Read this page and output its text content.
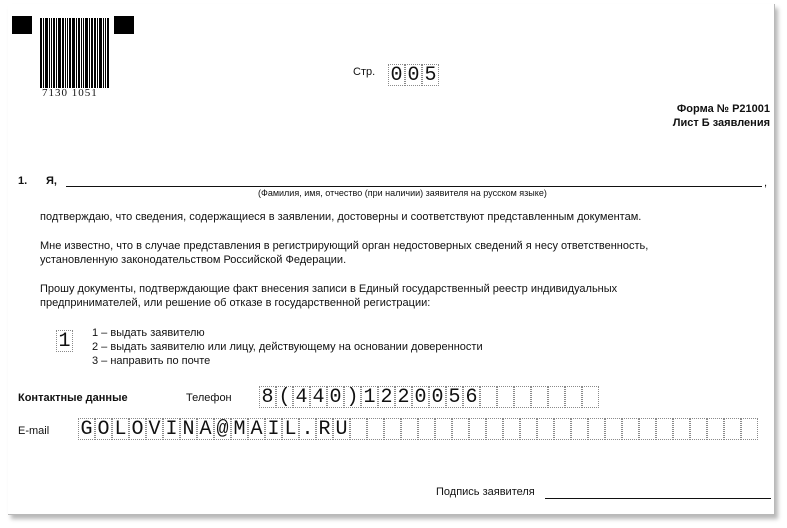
7130 1051
Стр. 0 0 5
Форма № Р21001
Лист Б заявления
1. Я,	,
(Фамилия, имя, отчество (при наличии) заявителя на русском языке)
подтверждаю, что сведения, содержащиеся в заявлении, достоверны и соответствуют представленным документам.
Мне известно, что в случае представления в регистрирующий орган недостоверных сведений я несу ответственность,
установленную законодательством Российской Федерации.
Прошу документы, подтверждающие факт внесения записи в Единый государственный реестр индивидуальных
предпринимателей, или решение об отказе в государственной регистрации:
1 1 – выдать заявителю
2 – выдать заявителю или лицу, действующему на основании доверенности
3 – направить по почте
Контактные данные	Телефон 8 ( 4 4 0 ) 1 2 2 0 0 5 6
E-mail G O L O V I N A @ M A I L . R U
Подпись заявителя
